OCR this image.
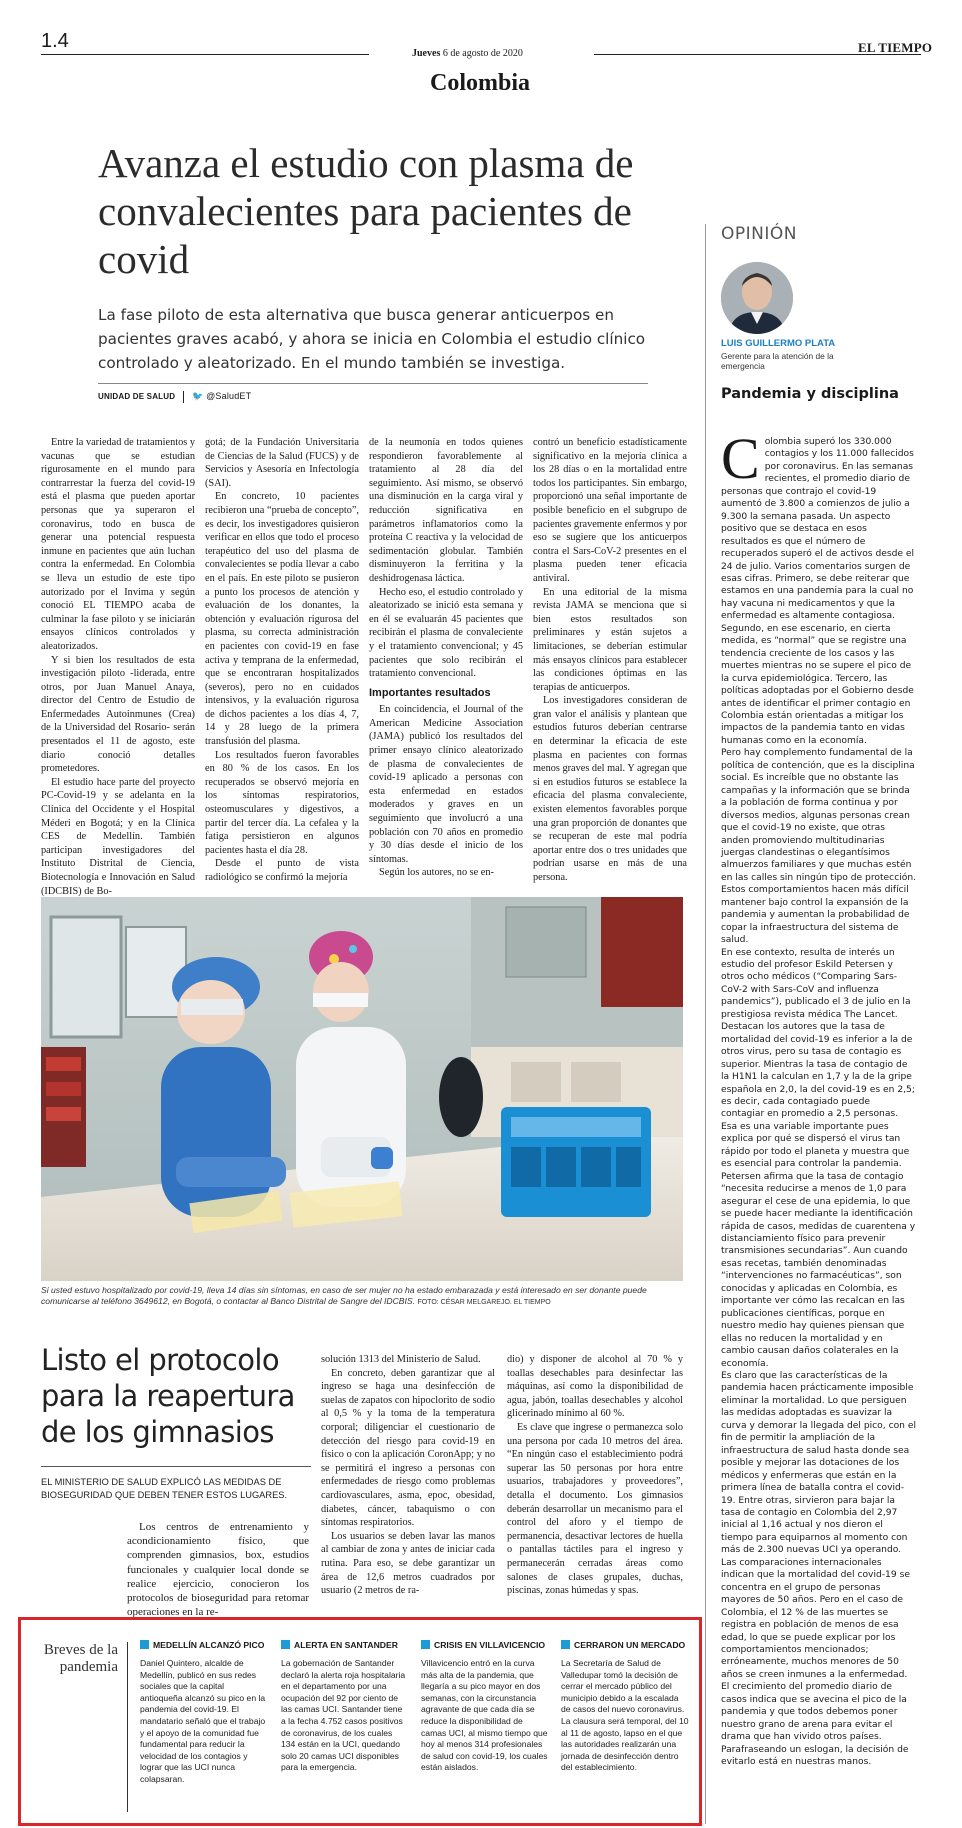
1.4
Jueves 6 de agosto de 2020	EL TIEMPO
Colombia
Avanza el estudio con plasma de convalecientes para pacientes de covid
La fase piloto de esta alternativa que busca generar anticuerpos en pacientes graves acabó, y ahora se inicia en Colombia el estudio clínico controlado y aleatorizado. En el mundo también se investiga.
UNIDAD DE SALUD 🐦 @SaludET

Entre la variedad de tratamientos y vacunas que se estudian rigurosamente en el mundo para contrarrestar la fuerza del covid-19 está el plasma que pueden aportar personas que ya superaron el coronavirus, todo en busca de generar una potencial respuesta inmune en pacientes que aún luchan contra la enfermedad. En Colombia se lleva un estudio de este tipo autorizado por el Invima y según conoció EL TIEMPO acaba de culminar la fase piloto y se iniciarán ensayos clínicos controlados y aleatorizados.

Y si bien los resultados de esta investigación piloto -liderada, entre otros, por Juan Manuel Anaya, director del Centro de Estudio de Enfermedades Autoinmunes (Crea) de la Universidad del Rosario- serán presentados el 11 de agosto, este diario conoció detalles prometedores.

El estudio hace parte del proyecto PC-Covid-19 y se adelanta en la Clínica del Occidente y el Hospital Méderi en Bogotá; y en la Clínica CES de Medellín. También participan investigadores del Instituto Distrital de Ciencia, Biotecnología e Innovación en Salud (IDCBIS) de Bo-

gotá; de la Fundación Universitaria de Ciencias de la Salud (FUCS) y de Servicios y Asesoría en Infectología (SAI).

En concreto, 10 pacientes recibieron una “prueba de concepto”, es decir, los investigadores quisieron verificar en ellos que todo el proceso terapéutico del uso del plasma de convalecientes se podía llevar a cabo en el país. En este piloto se pusieron a punto los procesos de atención y evaluación de los donantes, la obtención y evaluación rigurosa del plasma, su correcta administración en pacientes con covid-19 en fase activa y temprana de la enfermedad, que se encontraran hospitalizados (severos), pero no en cuidados intensivos, y la evaluación rigurosa de dichos pacientes a los días 4, 7, 14 y 28 luego de la primera transfusión del plasma.

Los resultados fueron favorables en 80 % de los casos. En los recuperados se observó mejoría en los síntomas respiratorios, osteomusculares y digestivos, a partir del tercer día. La cefalea y la fatiga persistieron en algunos pacientes hasta el día 28.

Desde el punto de vista radiológico se confirmó la mejoría

de la neumonía en todos quienes respondieron favorablemente al tratamiento al 28 día del seguimiento. Así mismo, se observó una disminución en la carga viral y reducción significativa en parámetros inflamatorios como la proteína C reactiva y la velocidad de sedimentación globular. También disminuyeron la ferritina y la deshidrogenasa láctica.

Hecho eso, el estudio controlado y aleatorizado se inició esta semana y en él se evaluarán 45 pacientes que recibirán el plasma de convaleciente y el tratamiento convencional; y 45 pacientes que solo recibirán el tratamiento convencional.

Importantes resultados

En coincidencia, el Journal of the American Medicine Association (JAMA) publicó los resultados del primer ensayo clínico aleatorizado de plasma de convalecientes de covid-19 aplicado a personas con esta enfermedad en estados moderados y graves en un seguimiento que involucró a una población con 70 años en promedio y 30 días desde el inicio de los síntomas.

Según los autores, no se en-

contró un beneficio estadísticamente significativo en la mejoría clínica a los 28 días o en la mortalidad entre todos los participantes. Sin embargo, proporcionó una señal importante de posible beneficio en el subgrupo de pacientes gravemente enfermos y por eso se sugiere que los anticuerpos contra el Sars-CoV-2 presentes en el plasma pueden tener eficacia antiviral.

En una editorial de la misma revista JAMA se menciona que si bien estos resultados son preliminares y están sujetos a limitaciones, se deberían estimular más ensayos clínicos para establecer las condiciones óptimas en las terapias de anticuerpos.

Los investigadores consideran de gran valor el análisis y plantean que estudios futuros deberían centrarse en determinar la eficacia de este plasma en pacientes con formas menos graves del mal. Y agregan que si en estudios futuros se establece la eficacia del plasma convaleciente, existen elementos favorables porque una gran proporción de donantes que se recuperan de este mal podría aportar entre dos o tres unidades que podrían usarse en más de una persona.

Si usted estuvo hospitalizado por covid-19, lleva 14 días sin síntomas, en caso de ser mujer no ha estado embarazada y está interesado en ser donante puede comunicarse al teléfono 3649612, en Bogotá, o contactar al Banco Distrital de Sangre del IDCBIS. FOTO: CÉSAR MELGAREJO. EL TIEMPO
Listo el protocolo para la reapertura de los gimnasios
EL MINISTERIO DE SALUD EXPLICÓ LAS MEDIDAS DE BIOSEGURIDAD QUE DEBEN TENER ESTOS LUGARES.

Los centros de entrenamiento y acondicionamiento físico, que comprenden gimnasios, box, estudios funcionales y cualquier local donde se realice ejercicio, conocieron los protocolos de bioseguridad para retomar operaciones en la re-

solución 1313 del Ministerio de Salud.

En concreto, deben garantizar que al ingreso se haga una desinfección de suelas de zapatos con hipoclorito de sodio al 0,5 % y la toma de la temperatura corporal; diligenciar el cuestionario de detección del riesgo para covid-19 en físico o con la aplicación CoronApp; y no se permitirá el ingreso a personas con enfermedades de riesgo como problemas cardiovasculares, asma, epoc, obesidad, diabetes, cáncer, tabaquismo o con síntomas respiratorios.

Los usuarios se deben lavar las manos al cambiar de zona y antes de iniciar cada rutina. Para eso, se debe garantizar un área de 12,6 metros cuadrados por usuario (2 metros de ra-

dio) y disponer de alcohol al 70 % y toallas desechables para desinfectar las máquinas, así como la disponibilidad de agua, jabón, toallas desechables y alcohol glicerinado mínimo al 60 %.

Es clave que ingrese o permanezca solo una persona por cada 10 metros del área. “En ningún caso el establecimiento podrá superar las 50 personas por hora entre usuarios, trabajadores y proveedores”, detalla el documento. Los gimnasios deberán desarrollar un mecanismo para el control del aforo y el tiempo de permanencia, desactivar lectores de huella o pantallas táctiles para el ingreso y permanecerán cerradas áreas como salones de clases grupales, duchas, piscinas, zonas húmedas y spas.

Breves de la pandemia
MEDELLÍN ALCANZÓ PICO
Daniel Quintero, alcalde de Medellín, publicó en sus redes sociales que la capital antioqueña alcanzó su pico en la pandemia del covid-19. El mandatario señaló que el trabajo y el apoyo de la comunidad fue fundamental para reducir la velocidad de los contagios y lograr que las UCI nunca colapsaran.
ALERTA EN SANTANDER
La gobernación de Santander declaró la alerta roja hospitalaria en el departamento por una ocupación del 92 por ciento de las camas UCI. Santander tiene a la fecha 4.752 casos positivos de coronavirus, de los cuales 134 están en la UCI, quedando solo 20 camas UCI disponibles para la emergencia.
CRISIS EN VILLAVICENCIO
Villavicencio entró en la curva más alta de la pandemia, que llegaría a su pico mayor en dos semanas, con la circunstancia agravante de que cada día se reduce la disponibilidad de camas UCI, al mismo tiempo que hoy al menos 314 profesionales de salud con covid-19, los cuales están aislados.
CERRARON UN MERCADO
La Secretaría de Salud de Valledupar tomó la decisión de cerrar el mercado público del municipio debido a la escalada de casos del nuevo coronavirus. La clausura será temporal, del 10 al 11 de agosto, lapso en el que las autoridades realizarán una jornada de desinfección dentro del establecimiento.
OPINIÓN
LUIS GUILLERMO PLATA
Gerente para la atención de la emergencia
Pandemia y disciplina

Colombia superó los 330.000 contagios y los 11.000 fallecidos por coronavirus. En las semanas recientes, el promedio diario de personas que contrajo el covid-19 aumentó de 3.800 a comienzos de julio a 9.300 la semana pasada. Un aspecto positivo que se destaca en esos resultados es que el número de recuperados superó el de activos desde el 24 de julio. Varios comentarios surgen de esas cifras. Primero, se debe reiterar que estamos en una pandemia para la cual no hay vacuna ni medicamentos y que la enfermedad es altamente contagiosa. Segundo, en ese escenario, en cierta medida, es “normal” que se registre una tendencia creciente de los casos y las muertes mientras no se supere el pico de la curva epidemiológica. Tercero, las políticas adoptadas por el Gobierno desde antes de identificar el primer contagio en Colombia están orientadas a mitigar los impactos de la pandemia tanto en vidas humanas como en la economía.

Pero hay complemento fundamental de la política de contención, que es la disciplina social. Es increíble que no obstante las campañas y la información que se brinda a la población de forma continua y por diversos medios, algunas personas crean que el covid-19 no existe, que otras anden promoviendo multitudinarias juergas clandestinas o elegantísimos almuerzos familiares y que muchas estén en las calles sin ningún tipo de protección. Estos comportamientos hacen más difícil mantener bajo control la expansión de la pandemia y aumentan la probabilidad de copar la infraestructura del sistema de salud.

En ese contexto, resulta de interés un estudio del profesor Eskild Petersen y otros ocho médicos (“Comparing Sars-CoV-2 with Sars-CoV and influenza pandemics”), publicado el 3 de julio en la prestigiosa revista médica The Lancet. Destacan los autores que la tasa de mortalidad del covid-19 es inferior a la de otros virus, pero su tasa de contagio es superior. Mientras la tasa de contagio de la H1N1 la calculan en 1,7 y la de la gripe española en 2,0, la del covid-19 es en 2,5; es decir, cada contagiado puede contagiar en promedio a 2,5 personas.

Esa es una variable importante pues explica por qué se dispersó el virus tan rápido por todo el planeta y muestra que es esencial para controlar la pandemia. Petersen afirma que la tasa de contagio “necesita reducirse a menos de 1,0 para asegurar el cese de una epidemia, lo que se puede hacer mediante la identificación rápida de casos, medidas de cuarentena y distanciamiento físico para prevenir transmisiones secundarias”. Aun cuando esas recetas, también denominadas “intervenciones no farmacéuticas”, son conocidas y aplicadas en Colombia, es importante ver cómo las recalcan en las publicaciones científicas, porque en nuestro medio hay quienes piensan que ellas no reducen la mortalidad y en cambio causan daños colaterales en la economía.

Es claro que las características de la pandemia hacen prácticamente imposible eliminar la mortalidad. Lo que persiguen las medidas adoptadas es suavizar la curva y demorar la llegada del pico, con el fin de permitir la ampliación de la infraestructura de salud hasta donde sea posible y mejorar las dotaciones de los médicos y enfermeras que están en la primera línea de batalla contra el covid-19. Entre otras, sirvieron para bajar la tasa de contagio en Colombia del 2,97 inicial al 1,16 actual y nos dieron el tiempo para equiparnos al momento con más de 2.300 nuevas UCI ya operando.

Las comparaciones internacionales indican que la mortalidad del covid-19 se concentra en el grupo de personas mayores de 50 años. Pero en el caso de Colombia, el 12 % de las muertes se registra en población de menos de esa edad, lo que se puede explicar por los comportamientos mencionados; erróneamente, muchos menores de 50 años se creen inmunes a la enfermedad.

El crecimiento del promedio diario de casos indica que se avecina el pico de la pandemia y que todos debemos poner nuestro grano de arena para evitar el drama que han vivido otros países. Parafraseando un eslogan, la decisión de evitarlo está en nuestras manos.
